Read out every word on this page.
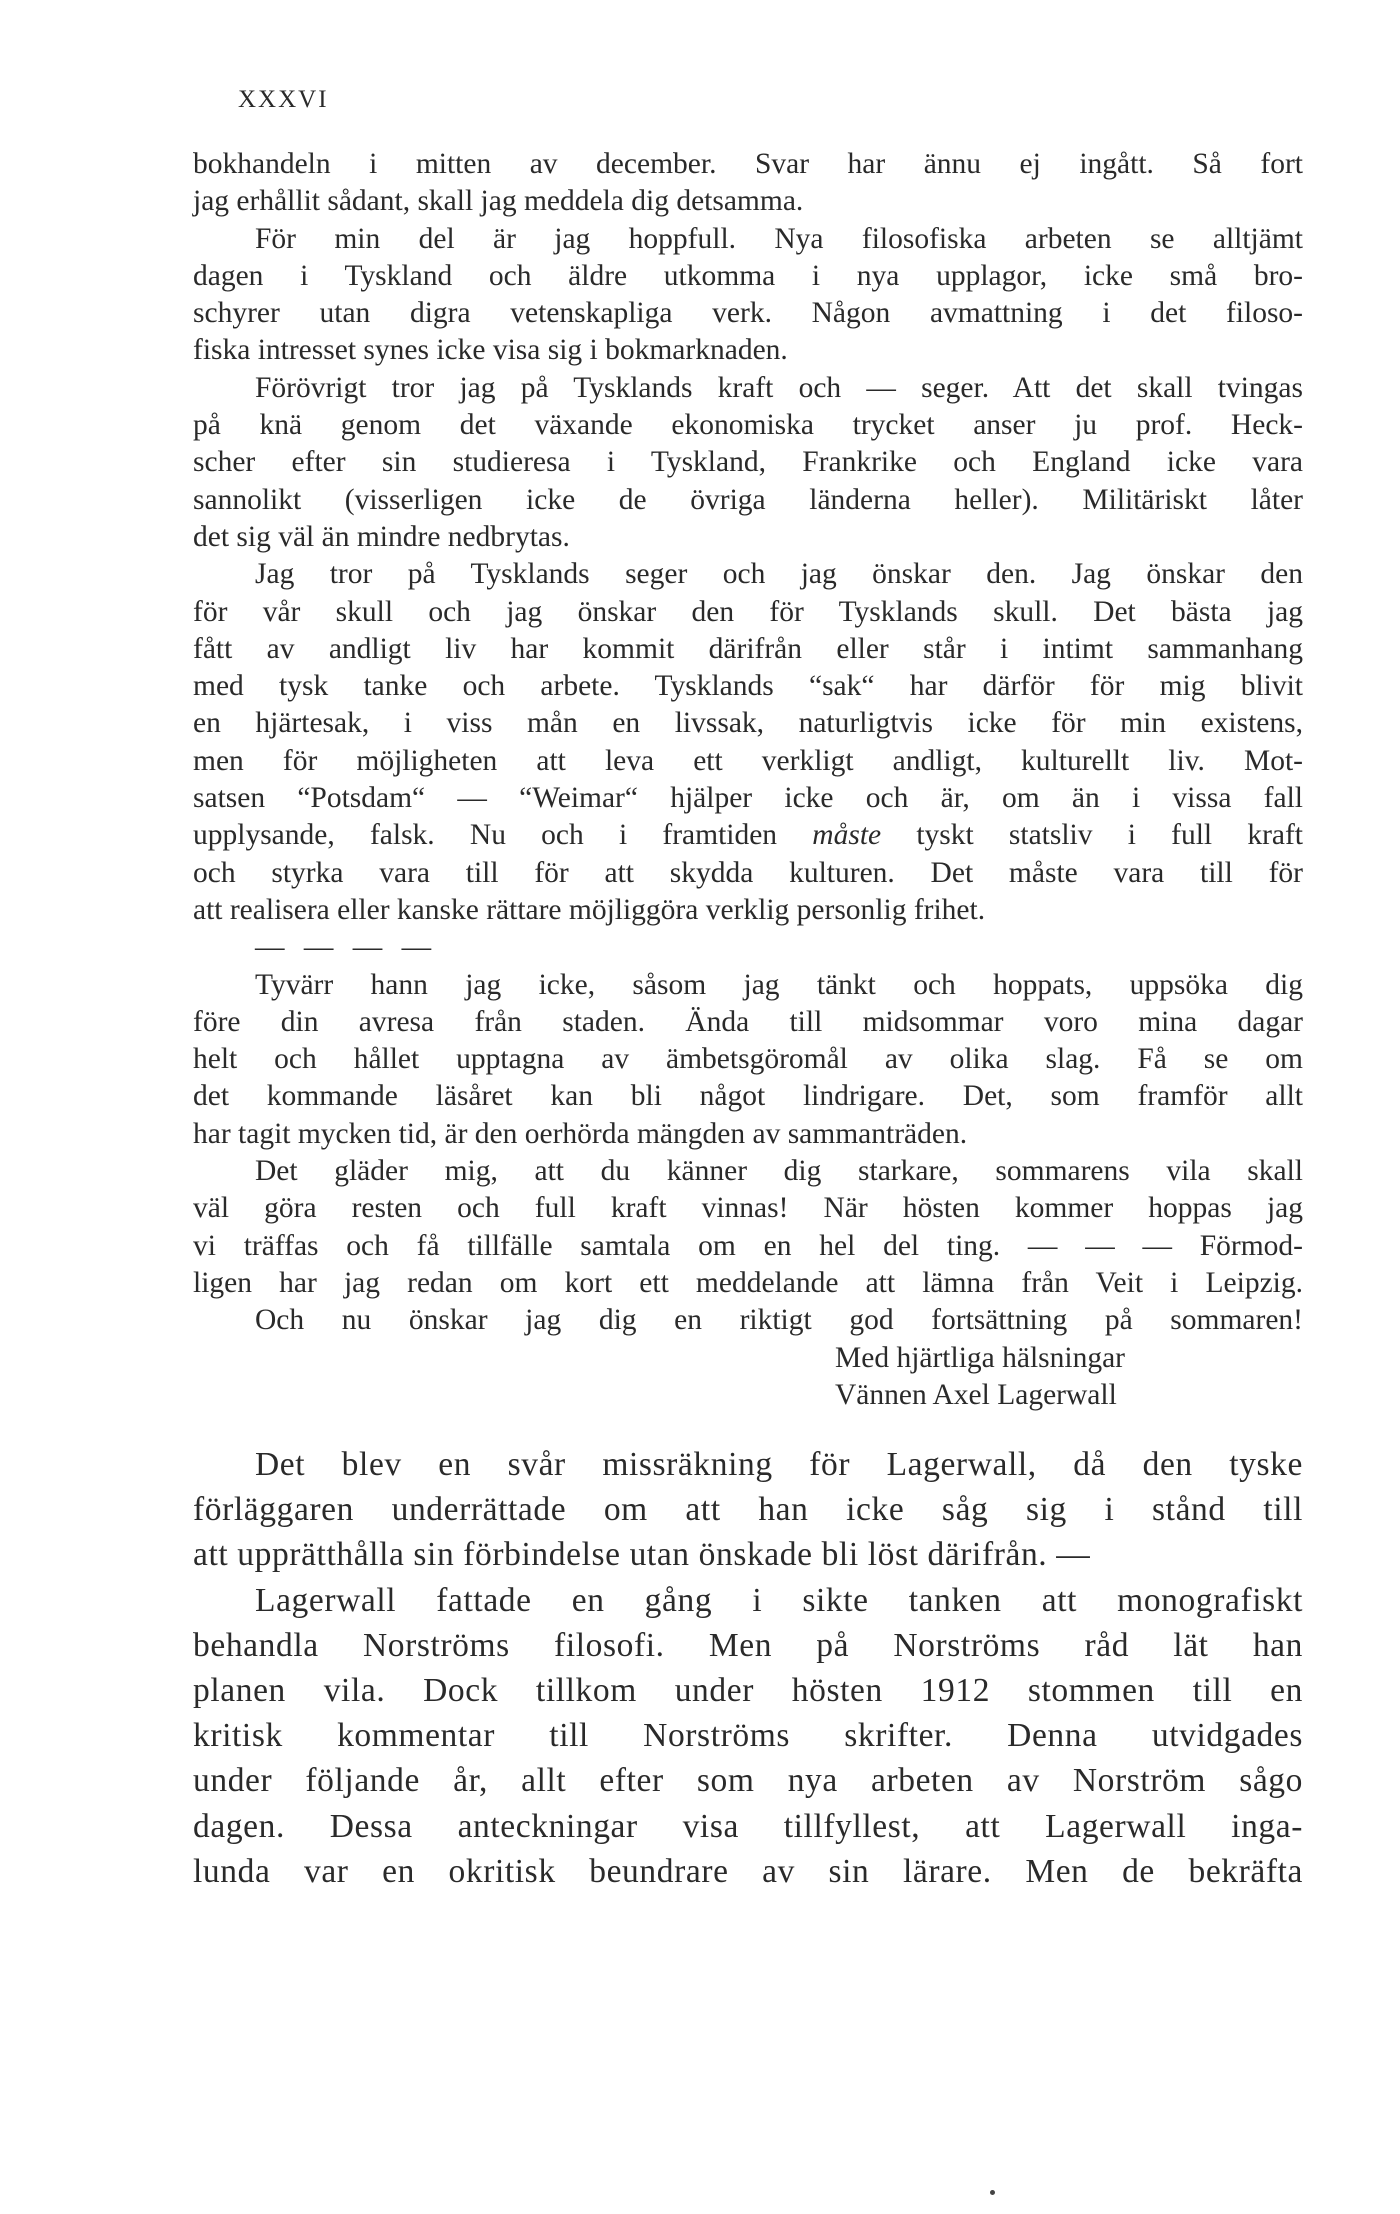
XXXVI
bokhandeln i mitten av december. Svar har ännu ej ingått. Så fort
jag erhållit sådant, skall jag meddela dig detsamma.
För min del är jag hoppfull. Nya filosofiska arbeten se alltjämt
dagen i Tyskland och äldre utkomma i nya upplagor, icke små bro-
schyrer utan digra vetenskapliga verk. Någon avmattning i det filoso-
fiska intresset synes icke visa sig i bokmarknaden.
Förövrigt tror jag på Tysklands kraft och — seger. Att det skall tvingas
på knä genom det växande ekonomiska trycket anser ju prof. Heck-
scher efter sin studieresa i Tyskland, Frankrike och England icke vara
sannolikt (visserligen icke de övriga länderna heller). Militäriskt låter
det sig väl än mindre nedbrytas.
Jag tror på Tysklands seger och jag önskar den. Jag önskar den
för vår skull och jag önskar den för Tysklands skull. Det bästa jag
fått av andligt liv har kommit därifrån eller står i intimt sammanhang
med tysk tanke och arbete. Tysklands “sak“ har därför för mig blivit
en hjärtesak, i viss mån en livssak, naturligtvis icke för min existens,
men för möjligheten att leva ett verkligt andligt, kulturellt liv. Mot-
satsen “Potsdam“ — “Weimar“ hjälper icke och är, om än i vissa fall
upplysande, falsk. Nu och i framtiden måste tyskt statsliv i full kraft
och styrka vara till för att skydda kulturen. Det måste vara till för
att realisera eller kanske rättare möjliggöra verklig personlig frihet.
— — — —
Tyvärr hann jag icke, såsom jag tänkt och hoppats, uppsöka dig
före din avresa från staden. Ända till midsommar voro mina dagar
helt och hållet upptagna av ämbetsgöromål av olika slag. Få se om
det kommande läsåret kan bli något lindrigare. Det, som framför allt
har tagit mycken tid, är den oerhörda mängden av sammanträden.
Det gläder mig, att du känner dig starkare, sommarens vila skall
väl göra resten och full kraft vinnas! När hösten kommer hoppas jag
vi träffas och få tillfälle samtala om en hel del ting. — — — Förmod-
ligen har jag redan om kort ett meddelande att lämna från Veit i Leipzig.
Och nu önskar jag dig en riktigt god fortsättning på sommaren!
Med hjärtliga hälsningar
Vännen Axel Lagerwall
Det blev en svår missräkning för Lagerwall, då den tyske
förläggaren underrättade om att han icke såg sig i stånd till
att upprätthålla sin förbindelse utan önskade bli löst därifrån. —
Lagerwall fattade en gång i sikte tanken att monografiskt
behandla Norströms filosofi. Men på Norströms råd lät han
planen vila. Dock tillkom under hösten 1912 stommen till en
kritisk kommentar till Norströms skrifter. Denna utvidgades
under följande år, allt efter som nya arbeten av Norström sågo
dagen. Dessa anteckningar visa tillfyllest, att Lagerwall inga-
lunda var en okritisk beundrare av sin lärare. Men de bekräfta
